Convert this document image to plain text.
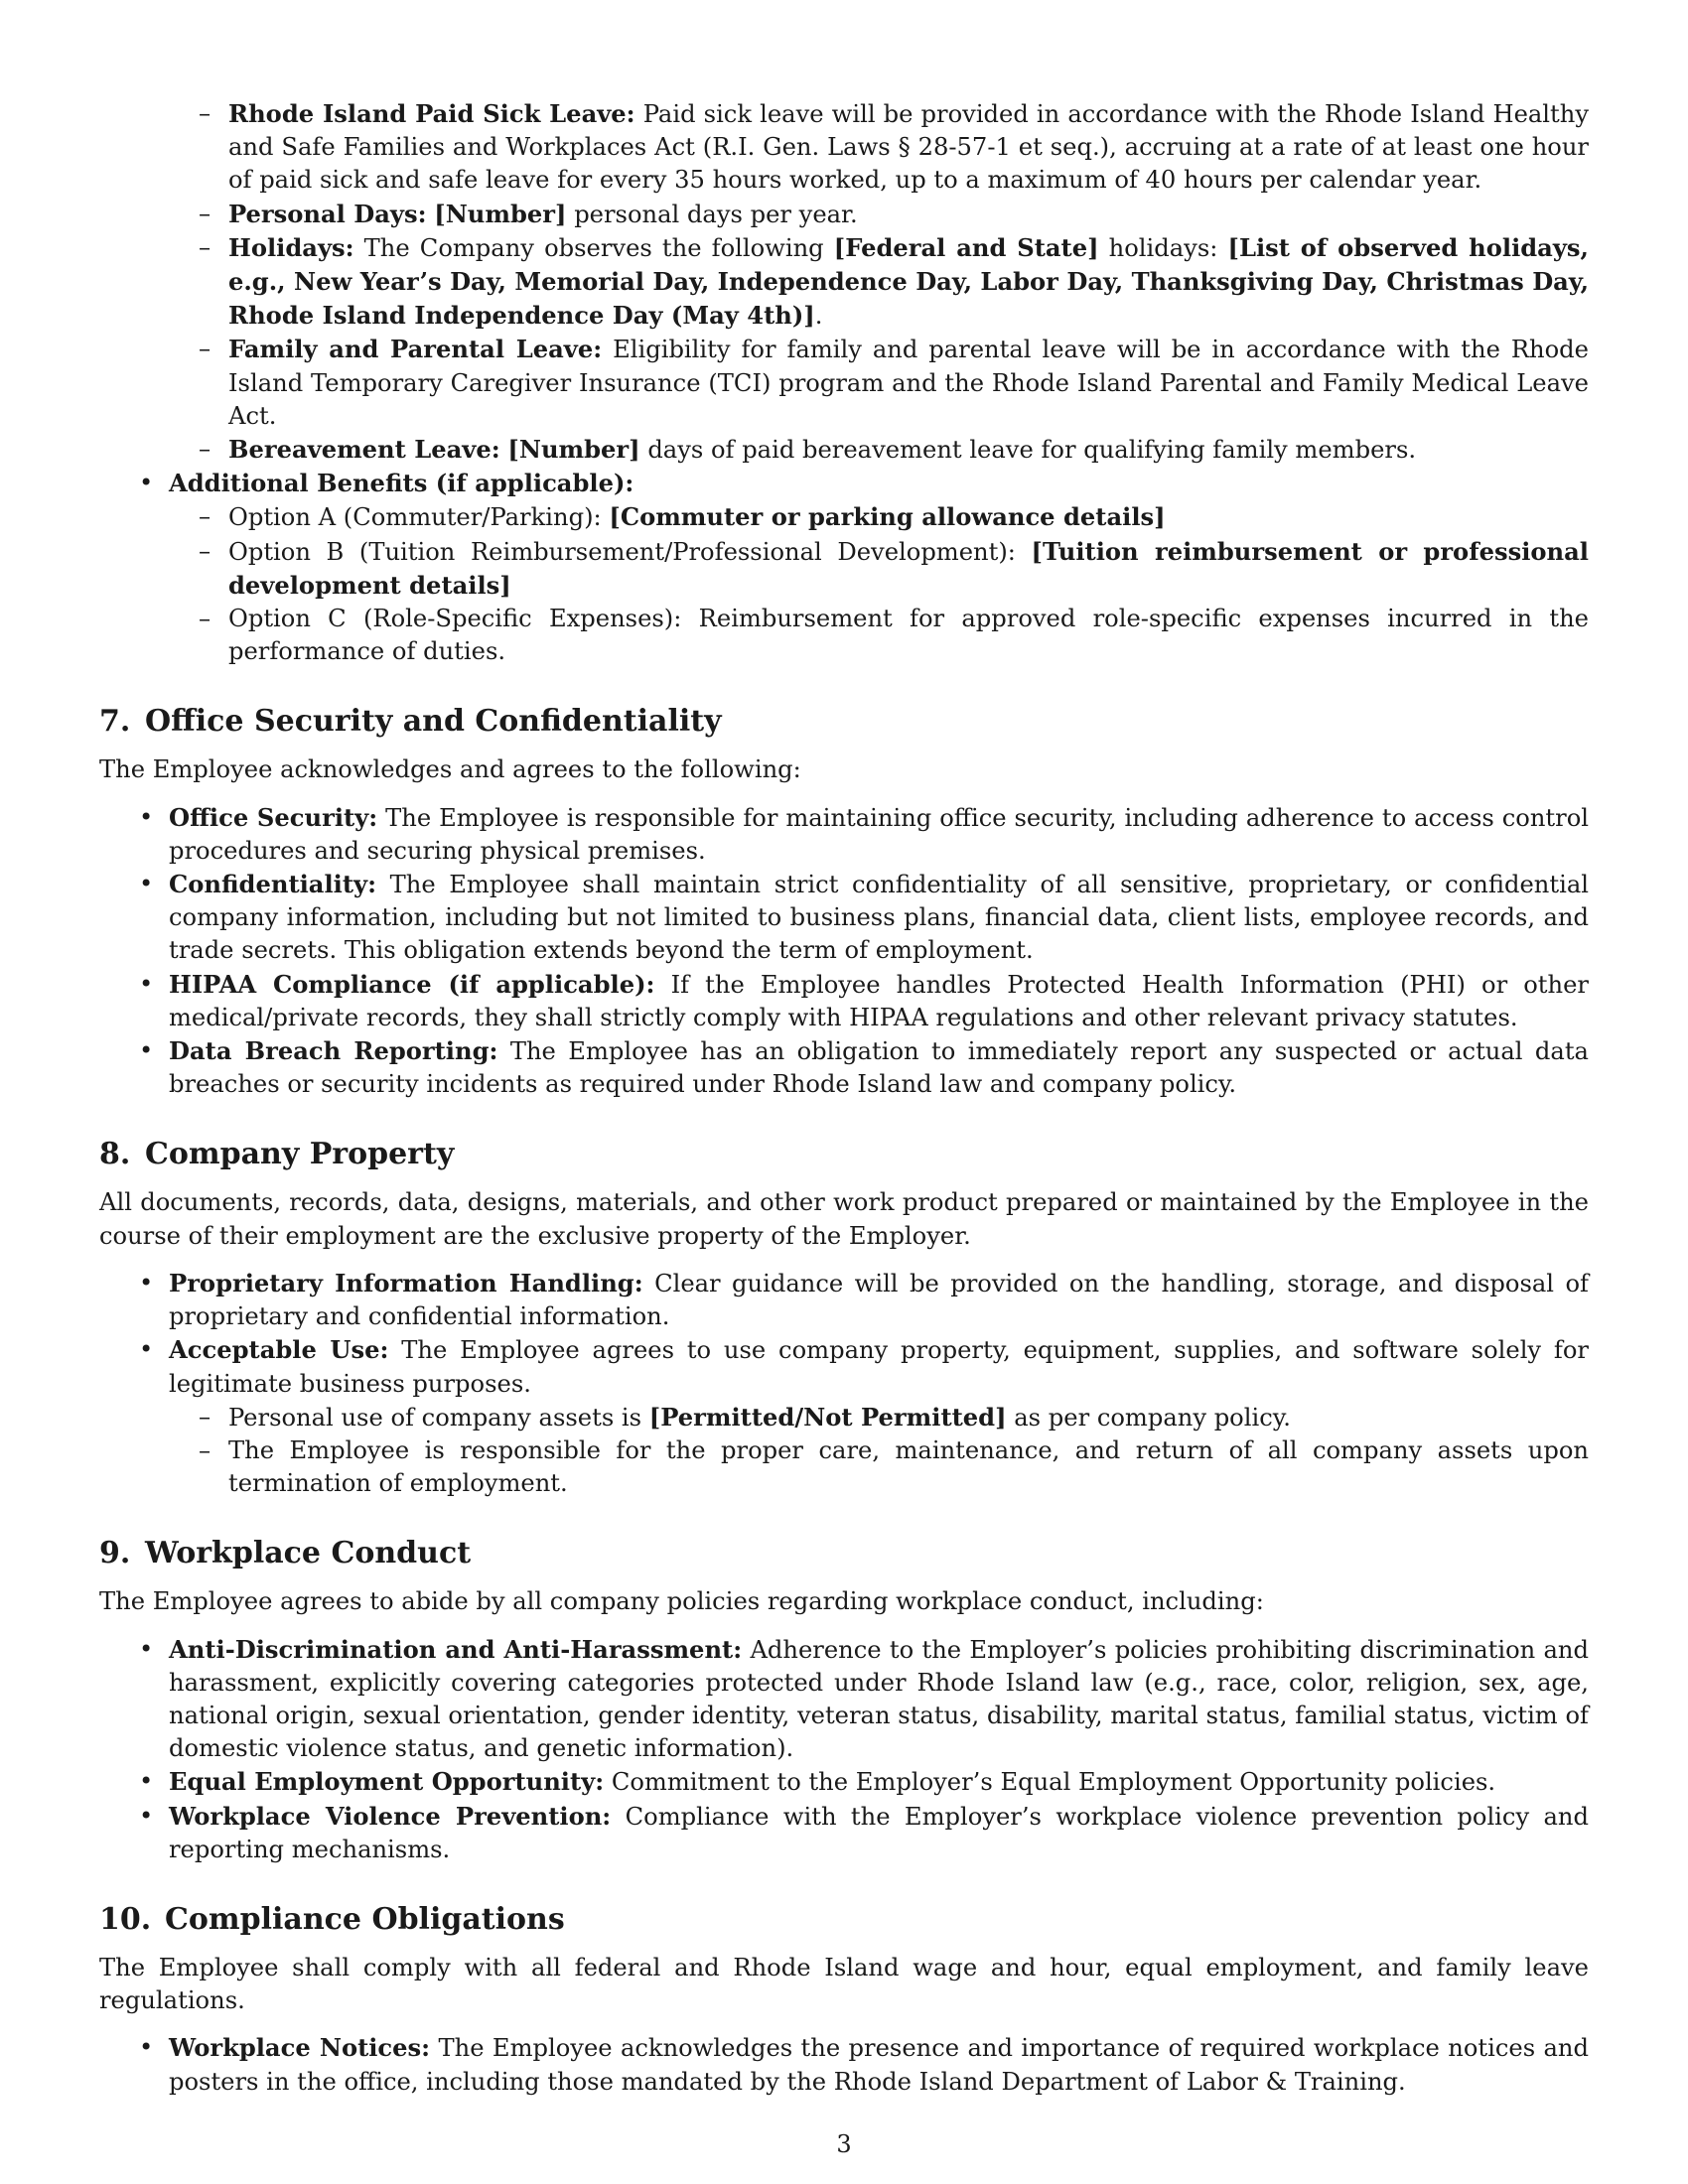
– Rhode Island Paid Sick Leave: Paid sick leave will be provided in accordance with the Rhode Island Healthy and Safe Families and Workplaces Act (R.I. Gen. Laws § 28-57-1 et seq.), accruing at a rate of at least one hour of paid sick and safe leave for every 35 hours worked, up to a maximum of 40 hours per calendar year.
– Personal Days: [Number] personal days per year.
– Holidays: The Company observes the following [Federal and State] holidays: [List of observed holidays, e.g., New Year’s Day, Memorial Day, Independence Day, Labor Day, Thanksgiving Day, Christmas Day, Rhode Island Independence Day (May 4th)].
– Family and Parental Leave: Eligibility for family and parental leave will be in accordance with the Rhode Island Temporary Caregiver Insurance (TCI) program and the Rhode Island Parental and Family Medical Leave Act.
– Bereavement Leave: [Number] days of paid bereavement leave for qualifying family members.
• Additional Benefits (if applicable):
– Option A (Commuter/Parking): [Commuter or parking allowance details]
– Option B (Tuition Reimbursement/Professional Development): [Tuition reimbursement or professional development details]
– Option C (Role-Specific Expenses): Reimbursement for approved role-specific expenses incurred in the performance of duties.
7. Office Security and Confidentiality

The Employee acknowledges and agrees to the following:

• Office Security: The Employee is responsible for maintaining office security, including adherence to access control procedures and securing physical premises.
• Confidentiality: The Employee shall maintain strict confidentiality of all sensitive, proprietary, or confidential company information, including but not limited to business plans, financial data, client lists, employee records, and trade secrets. This obligation extends beyond the term of employment.
• HIPAA Compliance (if applicable): If the Employee handles Protected Health Information (PHI) or other medical/private records, they shall strictly comply with HIPAA regulations and other relevant privacy statutes.
• Data Breach Reporting: The Employee has an obligation to immediately report any suspected or actual data breaches or security incidents as required under Rhode Island law and company policy.
8. Company Property

All documents, records, data, designs, materials, and other work product prepared or maintained by the Employee in the course of their employment are the exclusive property of the Employer.

• Proprietary Information Handling: Clear guidance will be provided on the handling, storage, and disposal of proprietary and confidential information.
• Acceptable Use: The Employee agrees to use company property, equipment, supplies, and software solely for legitimate business purposes.
– Personal use of company assets is [Permitted/Not Permitted] as per company policy.
– The Employee is responsible for the proper care, maintenance, and return of all company assets upon termination of employment.
9. Workplace Conduct

The Employee agrees to abide by all company policies regarding workplace conduct, including:

• Anti-Discrimination and Anti-Harassment: Adherence to the Employer’s policies prohibiting discrimination and harassment, explicitly covering categories protected under Rhode Island law (e.g., race, color, religion, sex, age, national origin, sexual orientation, gender identity, veteran status, disability, marital status, familial status, victim of domestic violence status, and genetic information).
• Equal Employment Opportunity: Commitment to the Employer’s Equal Employment Opportunity policies.
• Workplace Violence Prevention: Compliance with the Employer’s workplace violence prevention policy and reporting mechanisms.
10. Compliance Obligations

The Employee shall comply with all federal and Rhode Island wage and hour, equal employment, and family leave regulations.

• Workplace Notices: The Employee acknowledges the presence and importance of required workplace notices and posters in the office, including those mandated by the Rhode Island Department of Labor & Training.
3
